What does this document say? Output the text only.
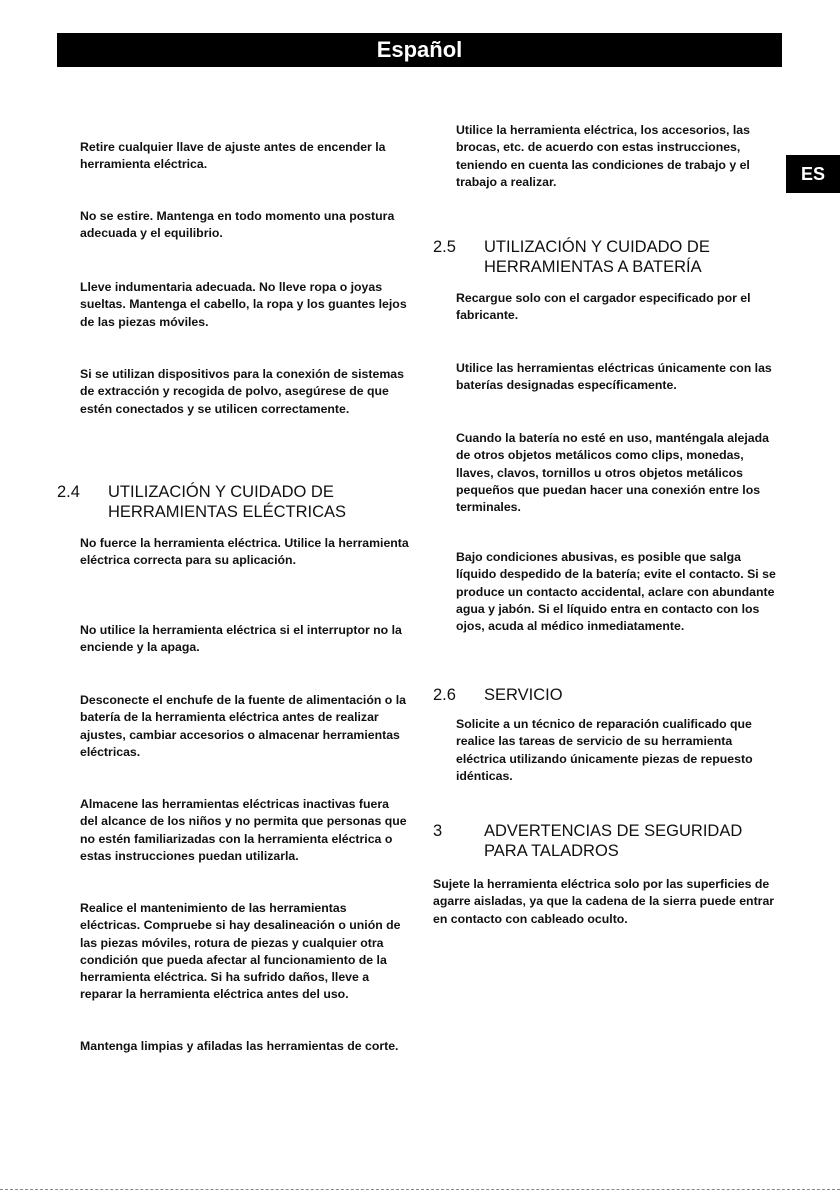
Español
ES

Retire cualquier llave de ajuste antes de encender la herramienta eléctrica.

No se estire. Mantenga en todo momento una postura adecuada y el equilibrio.

Lleve indumentaria adecuada. No lleve ropa o joyas sueltas. Mantenga el cabello, la ropa y los guantes lejos de las piezas móviles.

Si se utilizan dispositivos para la conexión de sistemas de extracción y recogida de polvo, asegúrese de que estén conectados y se utilicen correctamente.

2.4 UTILIZACIÓN Y CUIDADO DE HERRAMIENTAS ELÉCTRICAS

No fuerce la herramienta eléctrica. Utilice la herramienta eléctrica correcta para su aplicación.

No utilice la herramienta eléctrica si el interruptor no la enciende y la apaga.

Desconecte el enchufe de la fuente de alimentación o la batería de la herramienta eléctrica antes de realizar ajustes, cambiar accesorios o almacenar herramientas eléctricas.

Almacene las herramientas eléctricas inactivas fuera del alcance de los niños y no permita que personas que no estén familiarizadas con la herramienta eléctrica o estas instrucciones puedan utilizarla.

Realice el mantenimiento de las herramientas eléctricas. Compruebe si hay desalineación o unión de las piezas móviles, rotura de piezas y cualquier otra condición que pueda afectar al funcionamiento de la herramienta eléctrica. Si ha sufrido daños, lleve a reparar la herramienta eléctrica antes del uso.

Mantenga limpias y afiladas las herramientas de corte.

Utilice la herramienta eléctrica, los accesorios, las brocas, etc. de acuerdo con estas instrucciones, teniendo en cuenta las condiciones de trabajo y el trabajo a realizar.

2.5 UTILIZACIÓN Y CUIDADO DE HERRAMIENTAS A BATERÍA

Recargue solo con el cargador especificado por el fabricante.

Utilice las herramientas eléctricas únicamente con las baterías designadas específicamente.

Cuando la batería no esté en uso, manténgala alejada de otros objetos metálicos como clips, monedas, llaves, clavos, tornillos u otros objetos metálicos pequeños que puedan hacer una conexión entre los terminales.

Bajo condiciones abusivas, es posible que salga líquido despedido de la batería; evite el contacto. Si se produce un contacto accidental, aclare con abundante agua y jabón. Si el líquido entra en contacto con los ojos, acuda al médico inmediatamente.

2.6 SERVICIO

Solicite a un técnico de reparación cualificado que realice las tareas de servicio de su herramienta eléctrica utilizando únicamente piezas de repuesto idénticas.

3	ADVERTENCIAS DE SEGURIDAD PARA TALADROS

Sujete la herramienta eléctrica solo por las superficies de agarre aisladas, ya que la cadena de la sierra puede entrar en contacto con cableado oculto.
